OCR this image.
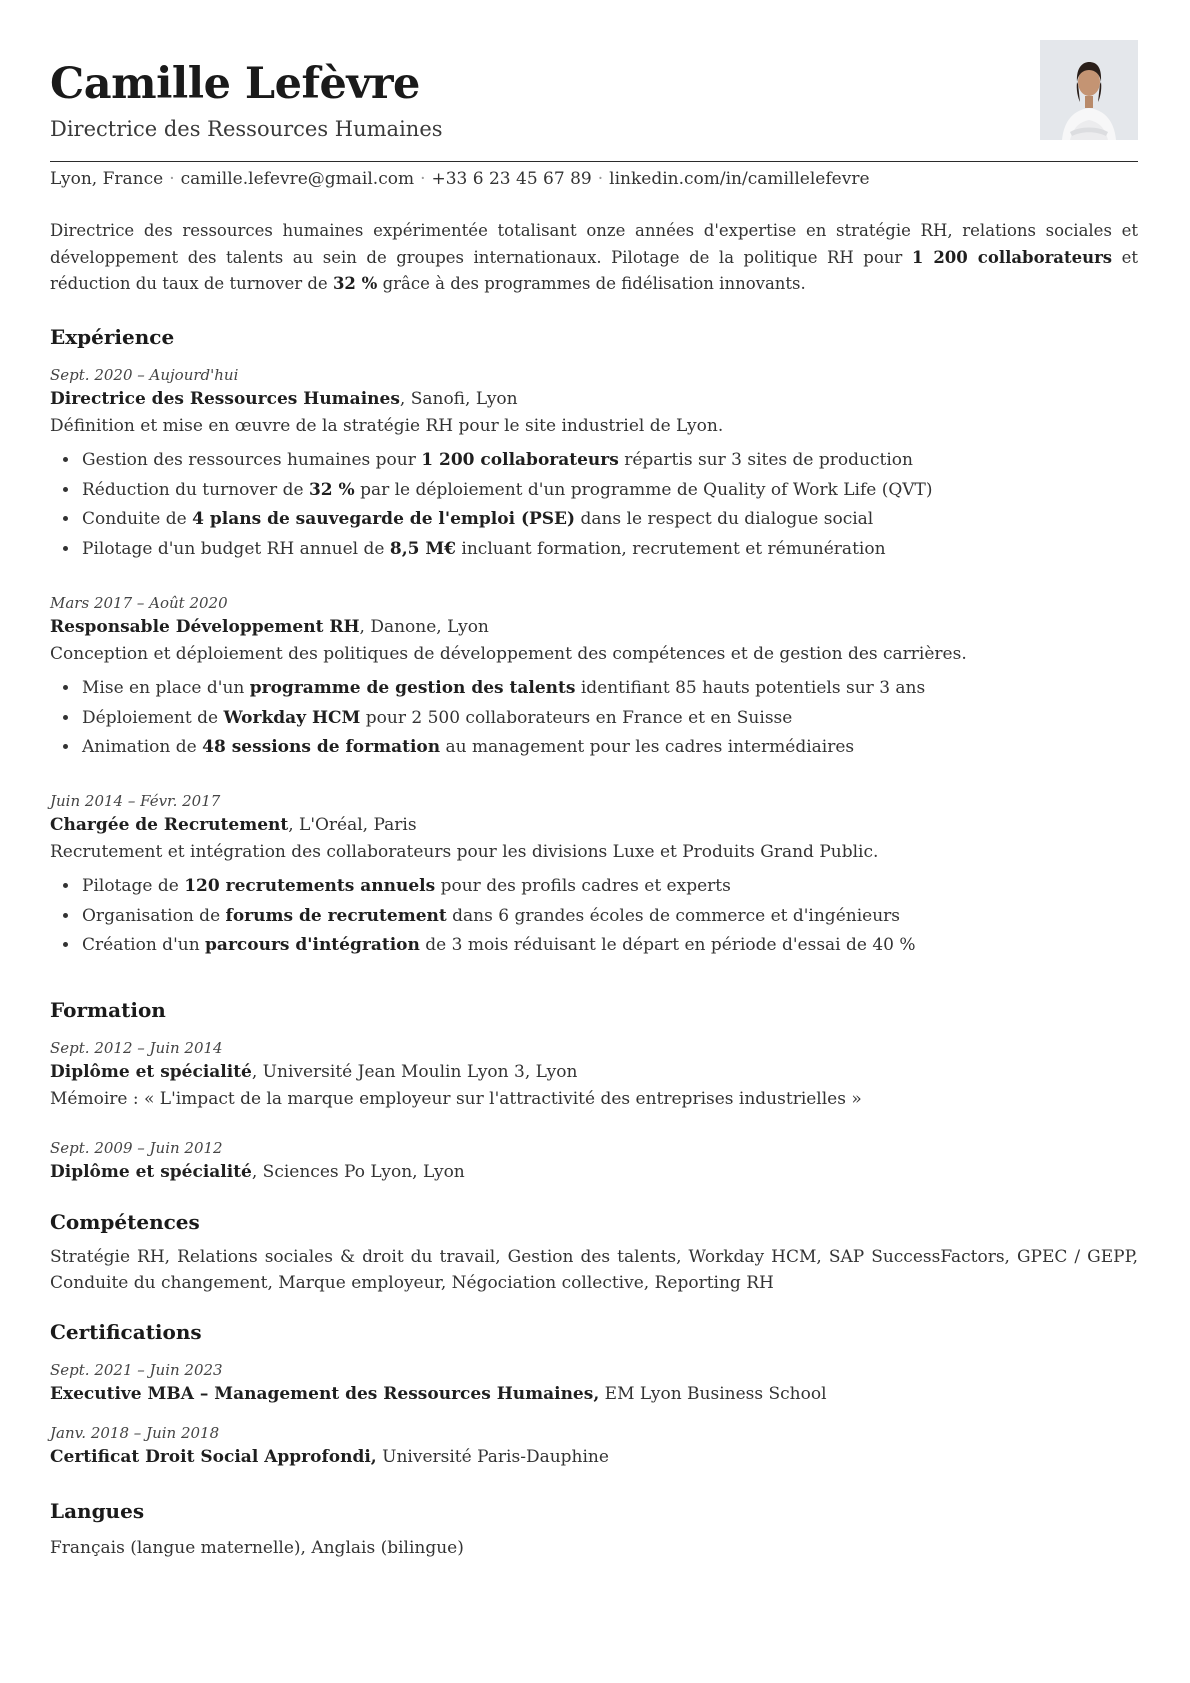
Camille Lefèvre
Directrice des Ressources Humaines
Lyon, France · camille.lefevre@gmail.com · +33 6 23 45 67 89 · linkedin.com/in/camillelefevre
Directrice des ressources humaines expérimentée totalisant onze années d'expertise en stratégie RH, relations sociales et développement des talents au sein de groupes internationaux. Pilotage de la politique RH pour 1 200 collaborateurs et réduction du taux de turnover de 32 % grâce à des programmes de fidélisation innovants.
Expérience
Sept. 2020 – Aujourd'hui
Directrice des Ressources Humaines, Sanofi, Lyon
Définition et mise en œuvre de la stratégie RH pour le site industriel de Lyon.
• Gestion des ressources humaines pour 1 200 collaborateurs répartis sur 3 sites de production
• Réduction du turnover de 32 % par le déploiement d'un programme de Quality of Work Life (QVT)
• Conduite de 4 plans de sauvegarde de l'emploi (PSE) dans le respect du dialogue social
• Pilotage d'un budget RH annuel de 8,5 M€ incluant formation, recrutement et rémunération
Mars 2017 – Août 2020
Responsable Développement RH, Danone, Lyon
Conception et déploiement des politiques de développement des compétences et de gestion des carrières.
• Mise en place d'un programme de gestion des talents identifiant 85 hauts potentiels sur 3 ans
• Déploiement de Workday HCM pour 2 500 collaborateurs en France et en Suisse
• Animation de 48 sessions de formation au management pour les cadres intermédiaires
Juin 2014 – Févr. 2017
Chargée de Recrutement, L'Oréal, Paris
Recrutement et intégration des collaborateurs pour les divisions Luxe et Produits Grand Public.
• Pilotage de 120 recrutements annuels pour des profils cadres et experts
• Organisation de forums de recrutement dans 6 grandes écoles de commerce et d'ingénieurs
• Création d'un parcours d'intégration de 3 mois réduisant le départ en période d'essai de 40 %
Formation
Sept. 2012 – Juin 2014
Diplôme et spécialité, Université Jean Moulin Lyon 3, Lyon
Mémoire : « L'impact de la marque employeur sur l'attractivité des entreprises industrielles »
Sept. 2009 – Juin 2012
Diplôme et spécialité, Sciences Po Lyon, Lyon
Compétences
Stratégie RH, Relations sociales & droit du travail, Gestion des talents, Workday HCM, SAP SuccessFactors, GPEC / GEPP, Conduite du changement, Marque employeur, Négociation collective, Reporting RH
Certifications
Sept. 2021 – Juin 2023
Executive MBA – Management des Ressources Humaines, EM Lyon Business School
Janv. 2018 – Juin 2018
Certificat Droit Social Approfondi, Université Paris-Dauphine
Langues
Français (langue maternelle), Anglais (bilingue)
